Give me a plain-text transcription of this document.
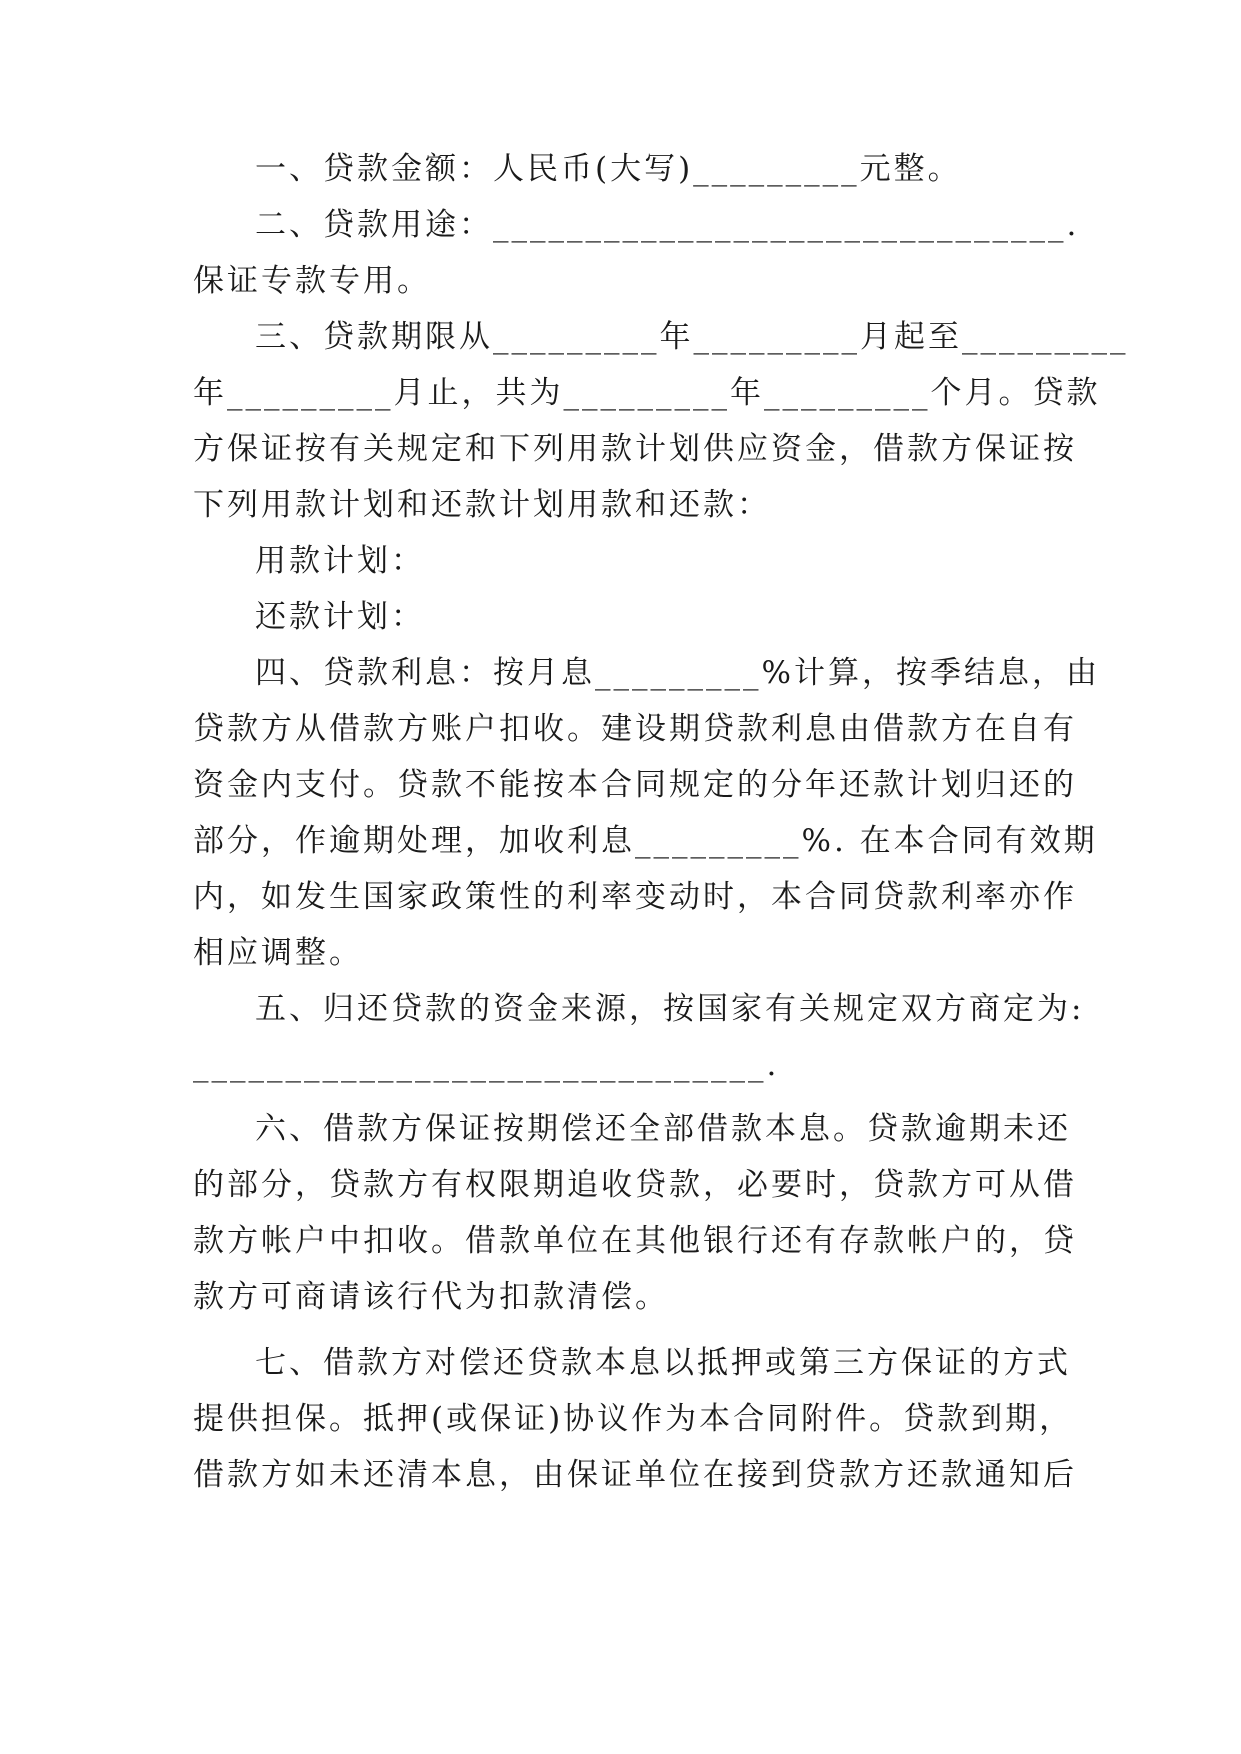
一、贷款金额：人民币(大写)_________元整。
二、贷款用途：_______________________________.
保证专款专用。
三、贷款期限从_________年_________月起至_________
年_________月止，共为_________年_________个月。贷款
方保证按有关规定和下列用款计划供应资金，借款方保证按
下列用款计划和还款计划用款和还款：
用款计划：
还款计划：
四、贷款利息：按月息_________%计算，按季结息，由
贷款方从借款方账户扣收。建设期贷款利息由借款方在自有
资金内支付。贷款不能按本合同规定的分年还款计划归还的
部分，作逾期处理，加收利息_________%. 在本合同有效期
内，如发生国家政策性的利率变动时，本合同贷款利率亦作
相应调整。
五、归还贷款的资金来源，按国家有关规定双方商定为:
_______________________________.
六、借款方保证按期偿还全部借款本息。贷款逾期未还
的部分，贷款方有权限期追收贷款，必要时，贷款方可从借
款方帐户中扣收。借款单位在其他银行还有存款帐户的，贷
款方可商请该行代为扣款清偿。
七、借款方对偿还贷款本息以抵押或第三方保证的方式
提供担保。抵押(或保证)协议作为本合同附件。贷款到期，
借款方如未还清本息，由保证单位在接到贷款方还款通知后
